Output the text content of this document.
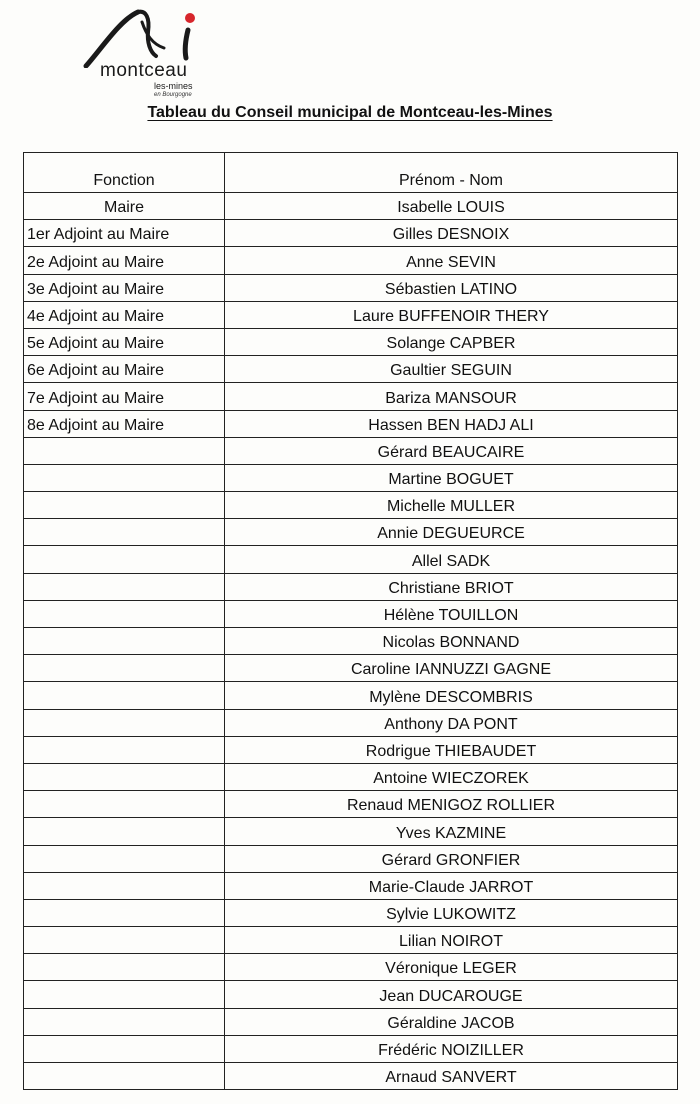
montceau
les-mines
en Bourgogne
Tableau du Conseil municipal de Montceau-les-Mines
Fonction	Prénom - Nom
Maire	Isabelle LOUIS
1er Adjoint au Maire	Gilles DESNOIX
2e Adjoint au Maire	Anne SEVIN
3e Adjoint au Maire	Sébastien LATINO
4e Adjoint au Maire	Laure BUFFENOIR THERY
5e Adjoint au Maire	Solange CAPBER
6e Adjoint au Maire	Gaultier SEGUIN
7e Adjoint au Maire	Bariza MANSOUR
8e Adjoint au Maire	Hassen BEN HADJ ALI
	Gérard BEAUCAIRE
	Martine BOGUET
	Michelle MULLER
	Annie DEGUEURCE
	Allel SADK
	Christiane BRIOT
	Hélène TOUILLON
	Nicolas BONNAND
	Caroline IANNUZZI GAGNE
	Mylène DESCOMBRIS
	Anthony DA PONT
	Rodrigue THIEBAUDET
	Antoine WIECZOREK
	Renaud MENIGOZ ROLLIER
	Yves KAZMINE
	Gérard GRONFIER
	Marie-Claude JARROT
	Sylvie LUKOWITZ
	Lilian NOIROT
	Véronique LEGER
	Jean DUCAROUGE
	Géraldine JACOB
	Frédéric NOIZILLER
	Arnaud SANVERT
